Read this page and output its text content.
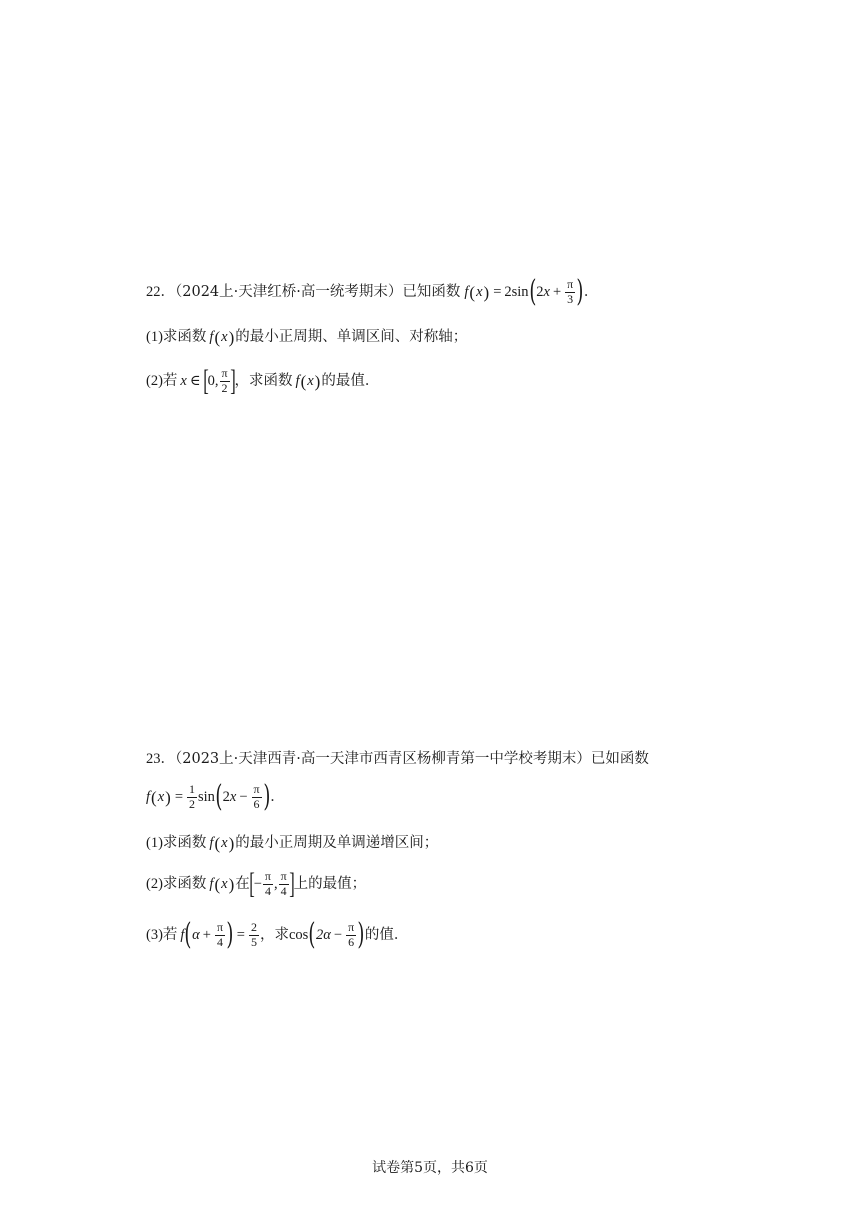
22 ．（2024上·天津红桥·高一统考期末）已知函数 f ( x ) = 2sin ( 2 $x + \frac{\pi}{3}$ ) ．
(1) 求函数 f ( x ) 的最小正周期、单调区间、对称轴；
(2) 若 x ∈ [ 0, $\frac{\pi}{2}$ ] ，求函数 f ( x ) 的最值．
23 ．（2023上·天津西青·高一天津市西青区杨柳青第一中学校考期末）已如函数
f ( x ) = $\frac{1}{2}$ sin ( 2 $x - \frac{\pi}{6}$ ) ．
(1) 求函数 f ( x ) 的最小正周期及单调递增区间；
(2) 求函数 f ( x ) 在 [ − $\frac{\pi}{4}$ , $\frac{\pi}{4}$ ] 上的最值；
(3) 若 f ( $\alpha + \frac{\pi}{4}$ ) = $\frac{2}{5}$ ，求 cos ( $2\alpha - \frac{\pi}{6}$ ) 的值．
试卷第5页，共6页
